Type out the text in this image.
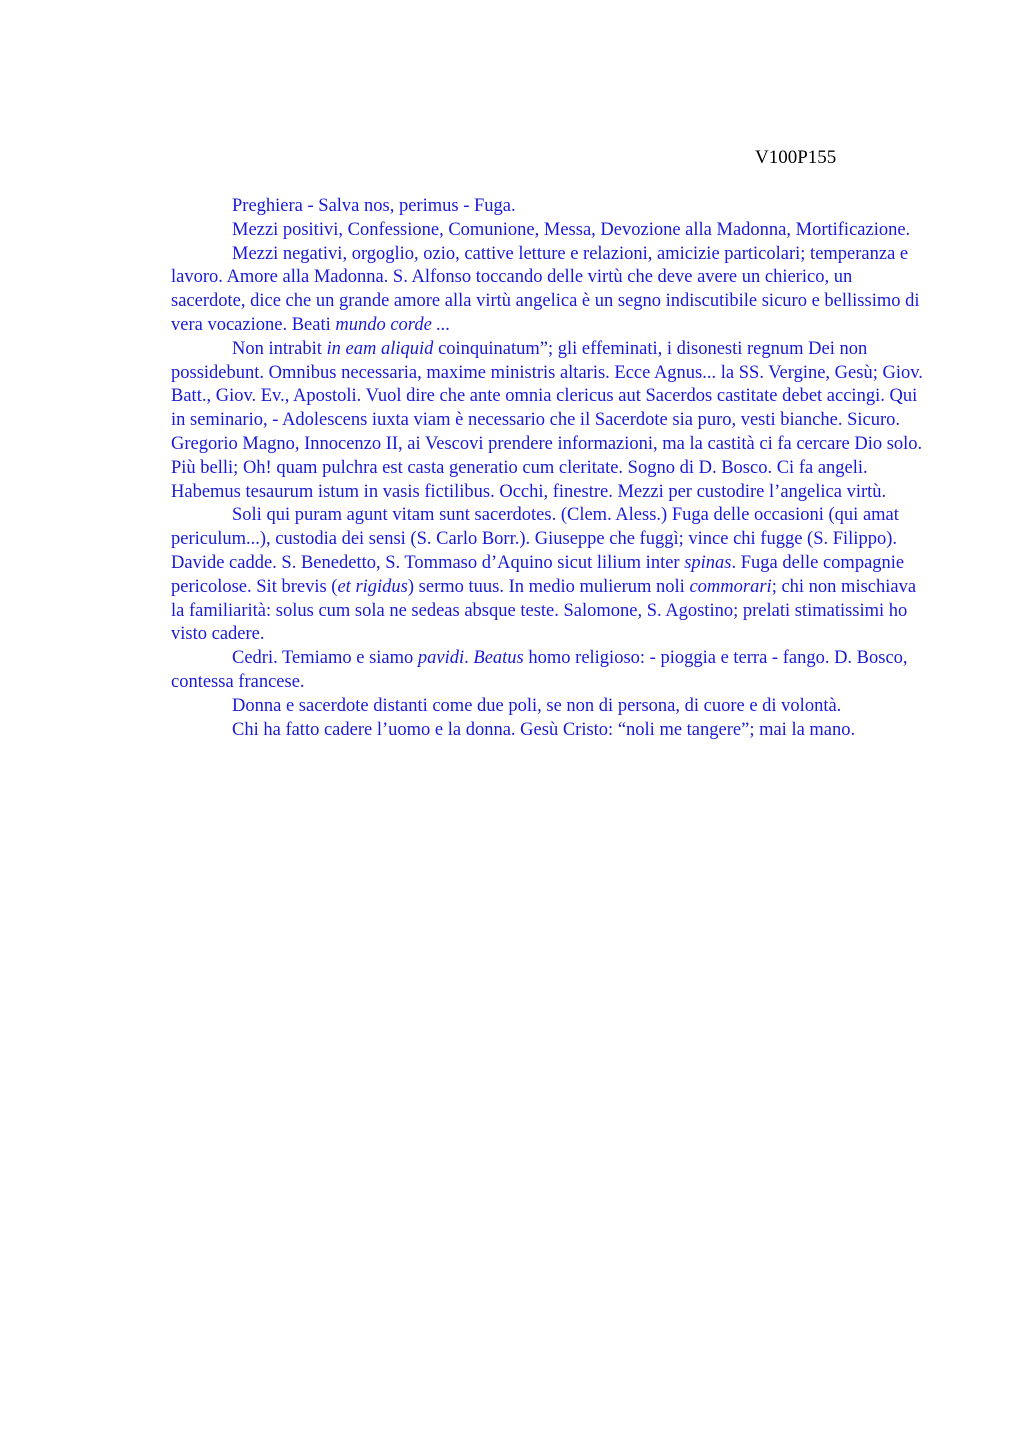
V100P155

Preghiera - Salva nos, perimus - Fuga.

Mezzi positivi, Confessione, Comunione, Messa, Devozione alla Madonna, Mortificazione.

Mezzi negativi, orgoglio, ozio, cattive letture e relazioni, amicizie particolari; temperanza e lavoro. Amore alla Madonna. S. Alfonso toccando delle virtù che deve avere un chierico, un sacerdote, dice che un grande amore alla virtù angelica è un segno indiscutibile sicuro e bellissimo di vera vocazione. Beati mundo corde ...

Non intrabit in eam aliquid coinquinatum”; gli effeminati, i disonesti regnum Dei non possidebunt. Omnibus necessaria, maxime ministris altaris. Ecce Agnus... la SS. Vergine, Gesù; Giov. Batt., Giov. Ev., Apostoli. Vuol dire che ante omnia clericus aut Sacerdos castitate debet accingi. Qui in seminario, - Adolescens iuxta viam è necessario che il Sacerdote sia puro, vesti bianche. Sicuro. Gregorio Magno, Innocenzo II, ai Vescovi prendere informazioni, ma la castità ci fa cercare Dio solo. Più belli; Oh! quam pulchra est casta generatio cum cleritate. Sogno di D. Bosco. Ci fa angeli. Habemus tesaurum istum in vasis fictilibus. Occhi, finestre. Mezzi per custodire l’angelica virtù.

Soli qui puram agunt vitam sunt sacerdotes. (Clem. Aless.) Fuga delle occasioni (qui amat periculum...), custodia dei sensi (S. Carlo Borr.). Giuseppe che fuggì; vince chi fugge (S. Filippo). Davide cadde. S. Benedetto, S. Tommaso d’Aquino sicut lilium inter spinas. Fuga delle compagnie pericolose. Sit brevis (et rigidus) sermo tuus. In medio mulierum noli commorari; chi non mischiava la familiarità: solus cum sola ne sedeas absque teste. Salomone, S. Agostino; prelati stimatissimi ho visto cadere.

Cedri. Temiamo e siamo pavidi. Beatus homo religioso: - pioggia e terra - fango. D. Bosco, contessa francese.

Donna e sacerdote distanti come due poli, se non di persona, di cuore e di volontà.

Chi ha fatto cadere l’uomo e la donna. Gesù Cristo: “noli me tangere”; mai la mano.
